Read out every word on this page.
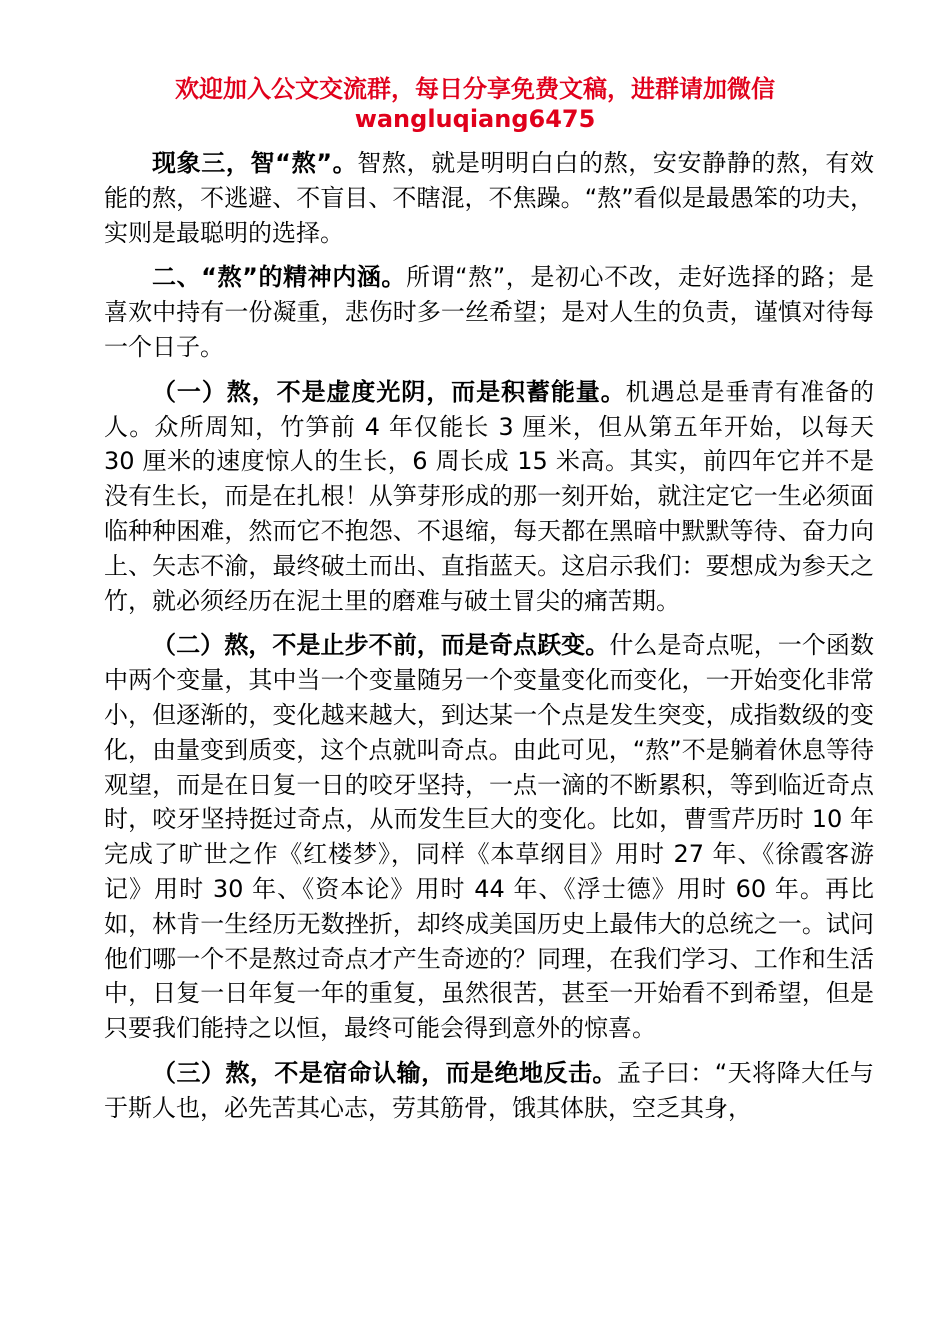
欢迎加入公文交流群，每日分享免费文稿，进群请加微信
wangluqiang6475

现象三，智“熬”。智熬，就是明明白白的熬，安安静静的熬，有效能的熬，不逃避、不盲目、不瞎混，不焦躁。“熬”看似是最愚笨的功夫，实则是最聪明的选择。

二、“熬”的精神内涵。所谓“熬”，是初心不改，走好选择的路；是喜欢中持有一份凝重，悲伤时多一丝希望；是对人生的负责，谨慎对待每一个日子。

（一）熬，不是虚度光阴，而是积蓄能量。机遇总是垂青有准备的人。众所周知，竹笋前 4 年仅能长 3 厘米，但从第五年开始，以每天 30 厘米的速度惊人的生长，6 周长成 15 米高。其实，前四年它并不是没有生长，而是在扎根！从笋芽形成的那一刻开始，就注定它一生必须面临种种困难，然而它不抱怨、不退缩，每天都在黑暗中默默等待、奋力向上、矢志不渝，最终破土而出、直指蓝天。这启示我们：要想成为参天之竹，就必须经历在泥土里的磨难与破土冒尖的痛苦期。

（二）熬，不是止步不前，而是奇点跃变。什么是奇点呢，一个函数中两个变量，其中当一个变量随另一个变量变化而变化，一开始变化非常小，但逐渐的，变化越来越大，到达某一个点是发生突变，成指数级的变化，由量变到质变，这个点就叫奇点。由此可见，“熬”不是躺着休息等待观望，而是在日复一日的咬牙坚持，一点一滴的不断累积，等到临近奇点时，咬牙坚持挺过奇点，从而发生巨大的变化。比如，曹雪芹历时 10 年完成了旷世之作《红楼梦》，同样《本草纲目》用时 27 年、《徐霞客游记》用时 30 年、《资本论》用时 44 年、《浮士德》用时 60 年。再比如，林肯一生经历无数挫折，却终成美国历史上最伟大的总统之一。试问他们哪一个不是熬过奇点才产生奇迹的？同理，在我们学习、工作和生活中，日复一日年复一年的重复，虽然很苦，甚至一开始看不到希望，但是只要我们能持之以恒，最终可能会得到意外的惊喜。

（三）熬，不是宿命认输，而是绝地反击。孟子曰：“天将降大任与于斯人也，必先苦其心志，劳其筋骨，饿其体肤，空乏其身，
